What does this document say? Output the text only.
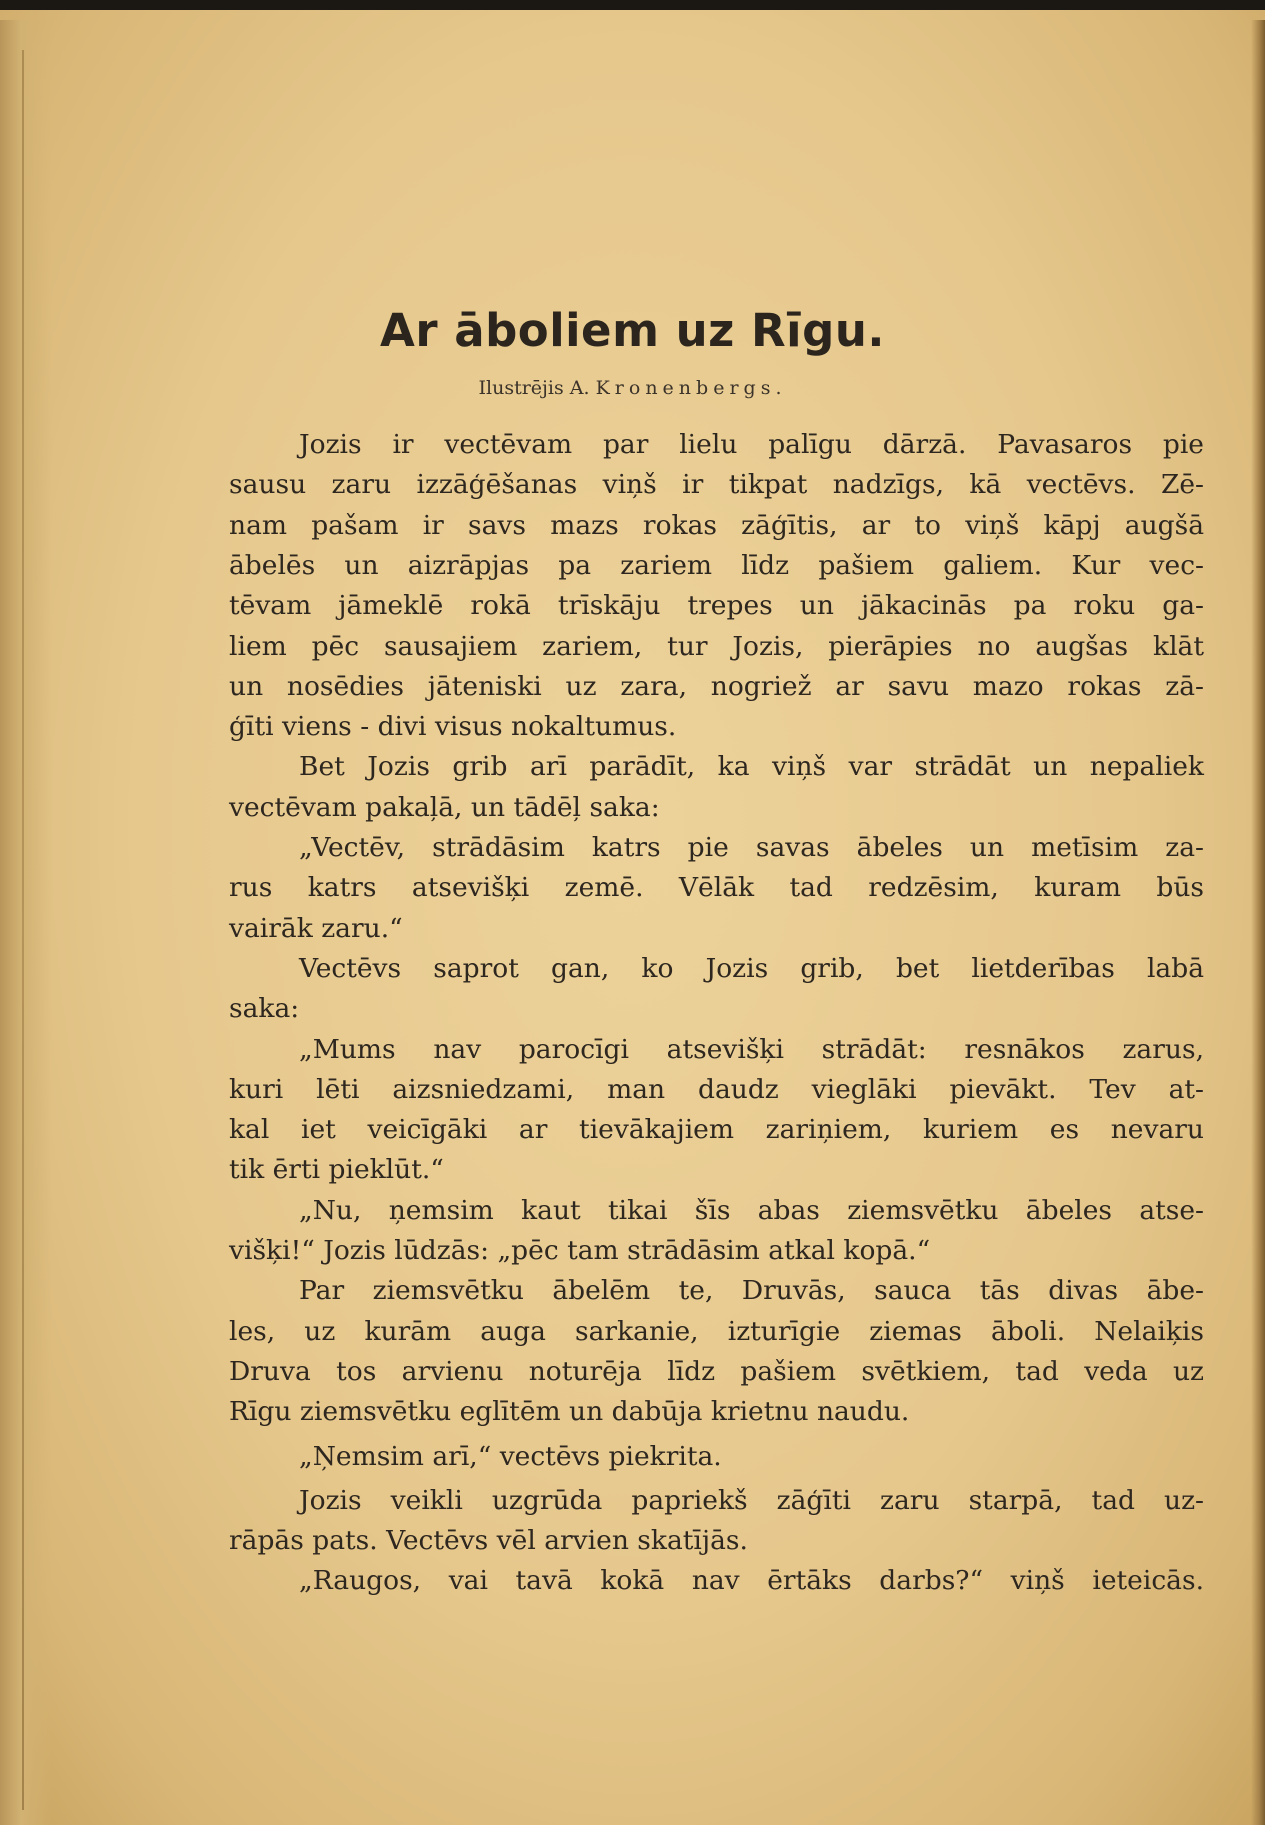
Ar āboliem uz Rīgu.
Ilustrējis A. Kronenbergs.
Jozis ir vectēvam par lielu palīgu dārzā. Pavasaros pie
sausu zaru izzāģēšanas viņš ir tikpat nadzīgs, kā vectēvs. Zē-
nam pašam ir savs mazs rokas zāģītis, ar to viņš kāpj augšā
ābelēs un aizrāpjas pa zariem līdz pašiem galiem. Kur vec-
tēvam jāmeklē rokā trīskāju trepes un jākacinās pa roku ga-
liem pēc sausajiem zariem, tur Jozis, pierāpies no augšas klāt
un nosēdies jāteniski uz zara, nogriež ar savu mazo rokas zā-
ģīti viens - divi visus nokaltumus.
Bet Jozis grib arī parādīt, ka viņš var strādāt un nepaliek
vectēvam pakaļā, un tādēļ saka:
„Vectēv, strādāsim katrs pie savas ābeles un metīsim za-
rus katrs atsevišķi zemē. Vēlāk tad redzēsim, kuram būs
vairāk zaru.“
Vectēvs saprot gan, ko Jozis grib, bet lietderības labā
saka:
„Mums nav parocīgi atsevišķi strādāt: resnākos zarus,
kuri lēti aizsniedzami, man daudz vieglāki pievākt. Tev at-
kal iet veicīgāki ar tievākajiem zariņiem, kuriem es nevaru
tik ērti pieklūt.“
„Nu, ņemsim kaut tikai šīs abas ziemsvētku ābeles atse-
višķi!“ Jozis lūdzās: „pēc tam strādāsim atkal kopā.“
Par ziemsvētku ābelēm te, Druvās, sauca tās divas ābe-
les, uz kurām auga sarkanie, izturīgie ziemas āboli. Nelaiķis
Druva tos arvienu noturēja līdz pašiem svētkiem, tad veda uz
Rīgu ziemsvētku eglītēm un dabūja krietnu naudu.
„Ņemsim arī,“ vectēvs piekrita.
Jozis veikli uzgrūda papriekš zāģīti zaru starpā, tad uz-
rāpās pats. Vectēvs vēl arvien skatījās.
„Raugos, vai tavā kokā nav ērtāks darbs?“ viņš ieteicās.
